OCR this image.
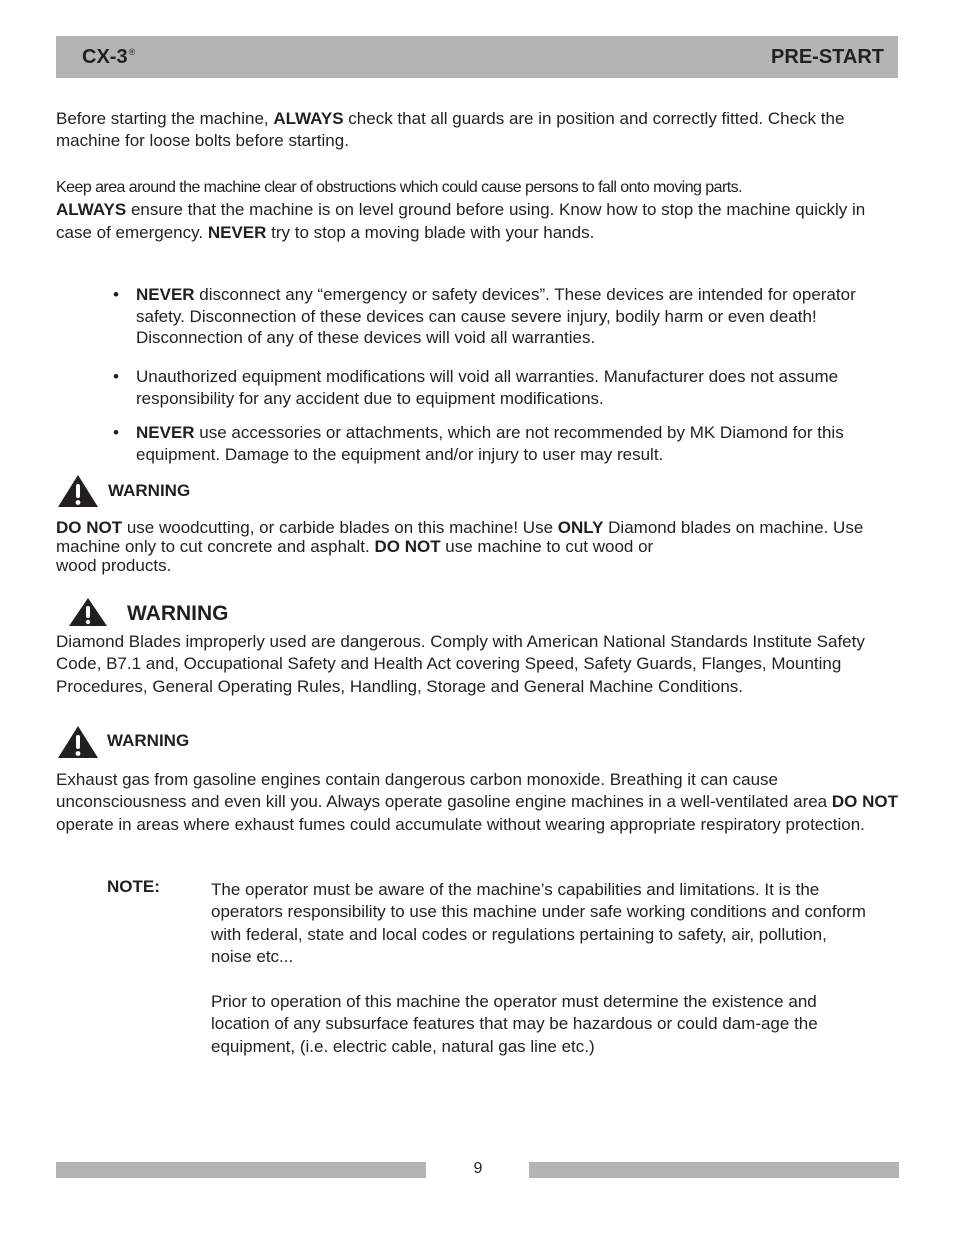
CX-3®	PRE-START

Before starting the machine, ALWAYS check that all guards are in position and correctly fitted. Check the machine for loose bolts before starting.

Keep area around the machine clear of obstructions which could cause persons to fall onto moving parts.
ALWAYS ensure that the machine is on level ground before using. Know how to stop the machine quickly in case of emergency. NEVER try to stop a moving blade with your hands.

• NEVER disconnect any “emergency or safety devices”. These devices are intended for operator safety. Disconnection of these devices can cause severe injury, bodily harm or even death! Disconnection of any of these devices will void all warranties.

• Unauthorized equipment modifications will void all warranties. Manufacturer does not assume responsibility for any accident due to equipment modifications.

• NEVER use accessories or attachments, which are not recommended by MK Diamond for this equipment. Damage to the equipment and/or injury to user may result.

WARNING

DO NOT use woodcutting, or carbide blades on this machine! Use ONLY Diamond blades on machine. Use machine only to cut concrete and asphalt. DO NOT use machine to cut wood or
wood products.

WARNING

Diamond Blades improperly used are dangerous. Comply with American National Standards Institute Safety Code, B7.1 and, Occupational Safety and Health Act covering Speed, Safety Guards, Flanges, Mounting Procedures, General Operating Rules, Handling, Storage and General Machine Conditions.

WARNING

Exhaust gas from gasoline engines contain dangerous carbon monoxide. Breathing it can cause unconsciousness and even kill you. Always operate gasoline engine machines in a well-ventilated area DO NOT operate in areas where exhaust fumes could accumulate without wearing appropriate respiratory protection.

NOTE:	The operator must be aware of the machine’s capabilities and limitations. It is the operators responsibility to use this machine under safe working conditions and conform with federal, state and local codes or regulations pertaining to safety, air, pollution, noise etc...

Prior to operation of this machine the operator must determine the existence and location of any subsurface features that may be hazardous or could dam-age the equipment, (i.e. electric cable, natural gas line etc.)

9
